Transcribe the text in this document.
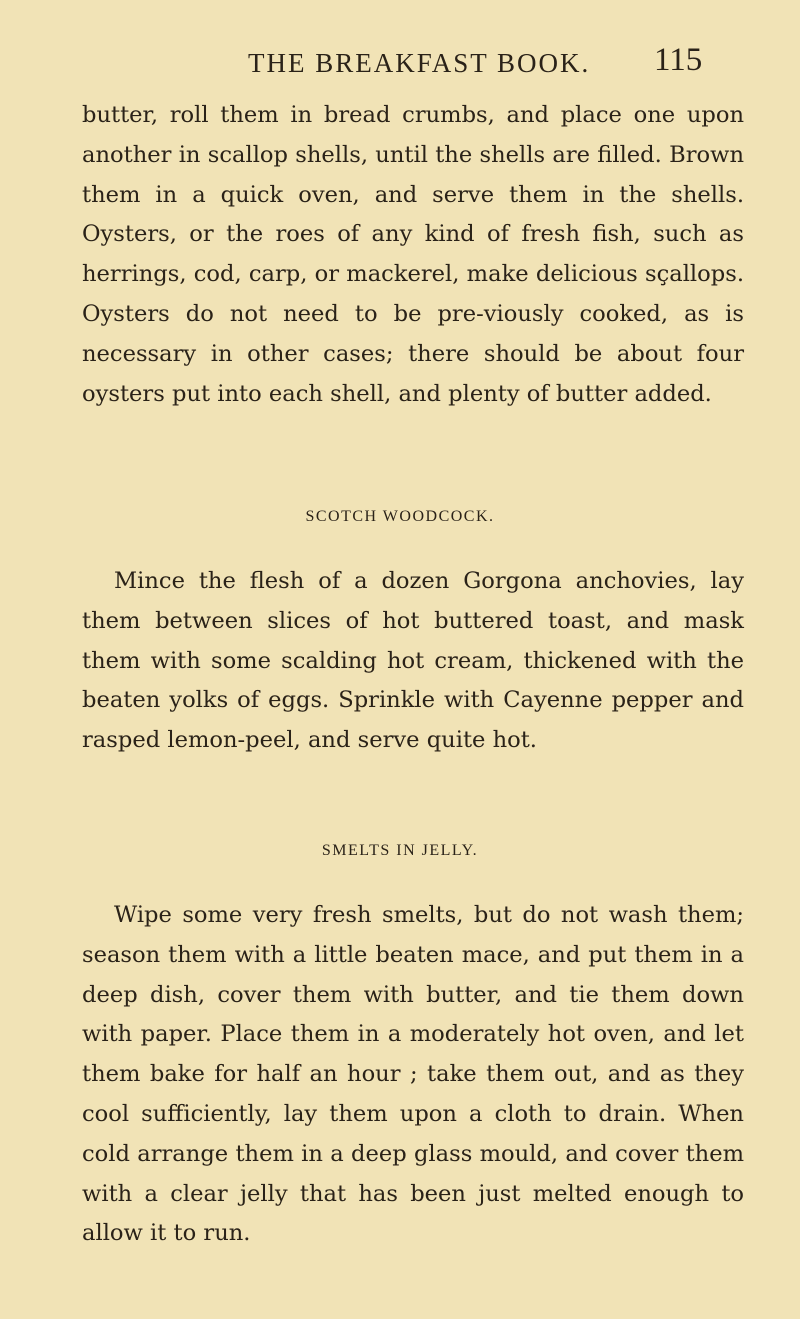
THE BREAKFAST BOOK. 115

butter, roll them in bread crumbs, and place one upon another in scallop shells, until the shells are filled. Brown them in a quick oven, and serve them in the shells. Oysters, or the roes of any kind of fresh fish, such as herrings, cod, carp, or mackerel, make delicious sçallops. Oysters do not need to be pre-viously cooked, as is necessary in other cases; there should be about four oysters put into each shell, and plenty of butter added.

SCOTCH WOODCOCK.

Mince the flesh of a dozen Gorgona anchovies, lay them between slices of hot buttered toast, and mask them with some scalding hot cream, thickened with the beaten yolks of eggs. Sprinkle with Cayenne pepper and rasped lemon-peel, and serve quite hot.

SMELTS IN JELLY.

Wipe some very fresh smelts, but do not wash them; season them with a little beaten mace, and put them in a deep dish, cover them with butter, and tie them down with paper. Place them in a moderately hot oven, and let them bake for half an hour ; take them out, and as they cool sufficiently, lay them upon a cloth to drain. When cold arrange them in a deep glass mould, and cover them with a clear jelly that has been just melted enough to allow it to run.
